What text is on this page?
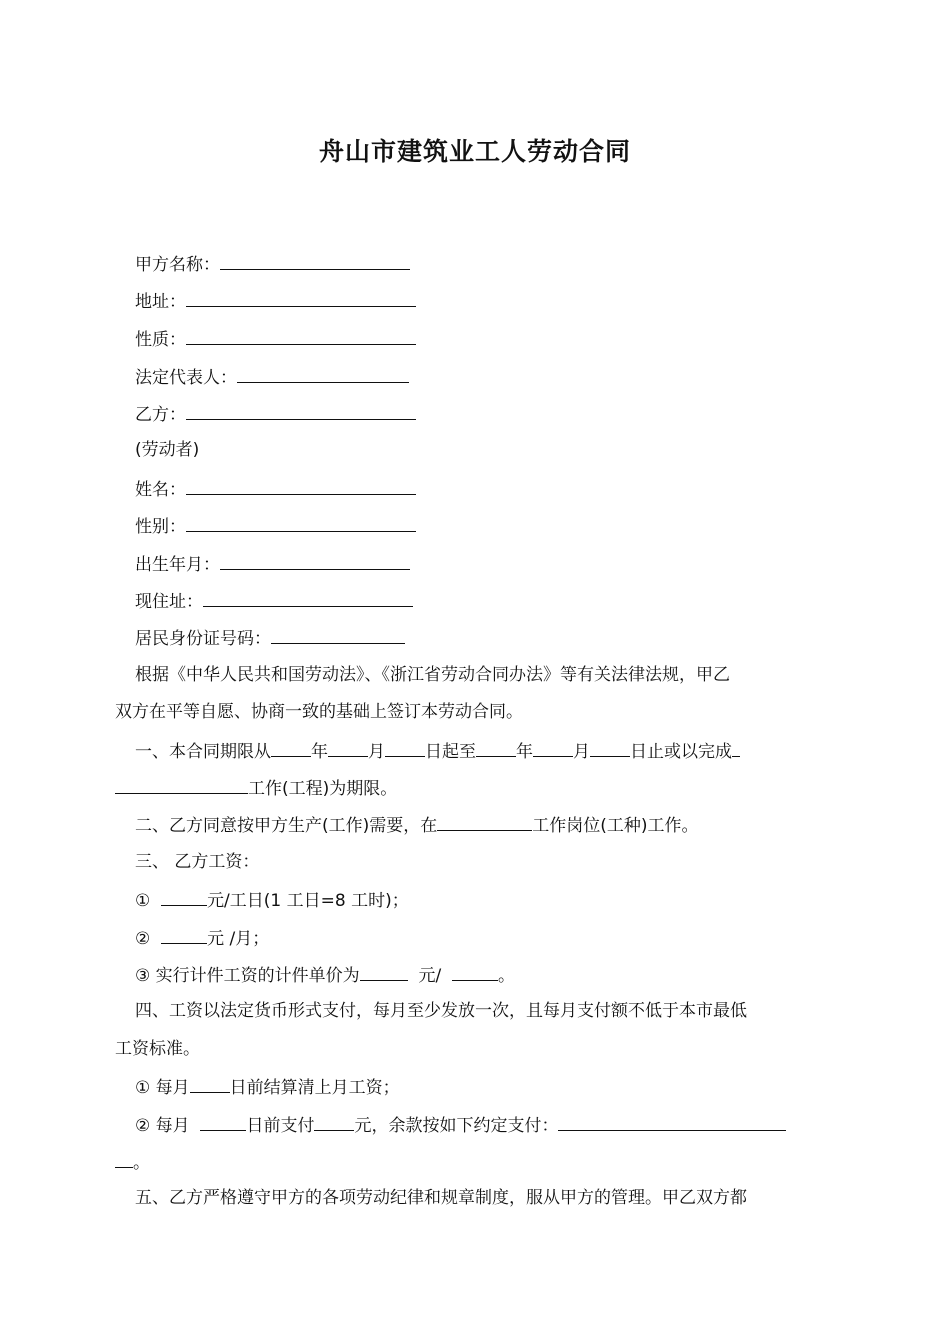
舟山市建筑业工人劳动合同
甲方名称：
地址：
性质：
法定代表人：
乙方：
(劳动者)
姓名：
性别：
出生年月：
现住址：
居民身份证号码：
根据《中华人民共和国劳动法》、《浙江省劳动合同办法》等有关法律法规，甲乙
双方在平等自愿、协商一致的基础上签订本劳动合同。
一、本合同期限从 年 月 日起至 年 月 日止或以完成
工作(工程)为期限。
二、乙方同意按甲方生产(工作)需要，在	工作岗位(工种)工作。
三、 乙方工资：
①	元/工日(1 工日=8 工时)；
②	元 /月；
③ 实行计件工资的计件单价为	元/	。
四、工资以法定货币形式支付，每月至少发放一次，且每月支付额不低于本市最低
工资标准。
① 每月 日前结算清上月工资；
② 每月	日前支付 元，余款按如下约定支付：
。
五、乙方严格遵守甲方的各项劳动纪律和规章制度，服从甲方的管理。甲乙双方都
